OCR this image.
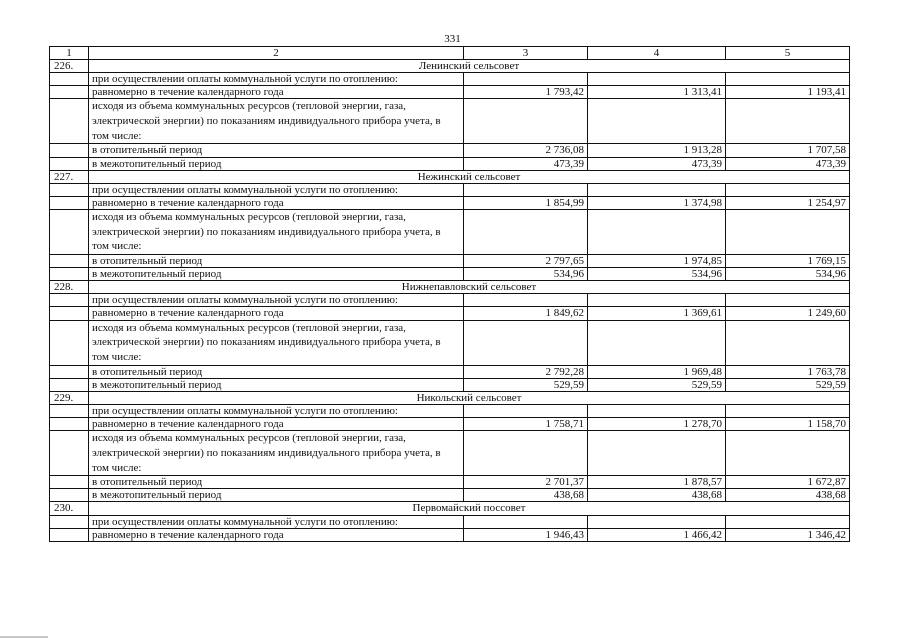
331
1	2	3	4	5
226.	Ленинский сельсовет			
	при осуществлении оплаты коммунальной услуги по отоплению:			
	равномерно в течение календарного года	1 793,42	1 313,41	1 193,41
	исходя из объема коммунальных ресурсов (тепловой энергии, газа, электрической энергии) по показаниям индивидуального прибора учета, в том числе:			
	в отопительный период	2 736,08	1 913,28	1 707,58
	в межотопительный период	473,39	473,39	473,39
227.	Нежинский сельсовет			
	при осуществлении оплаты коммунальной услуги по отоплению:			
	равномерно в течение календарного года	1 854,99	1 374,98	1 254,97
	исходя из объема коммунальных ресурсов (тепловой энергии, газа, электрической энергии) по показаниям индивидуального прибора учета, в том числе:			
	в отопительный период	2 797,65	1 974,85	1 769,15
	в межотопительный период	534,96	534,96	534,96
228.	Нижнепавловский сельсовет			
	при осуществлении оплаты коммунальной услуги по отоплению:			
	равномерно в течение календарного года	1 849,62	1 369,61	1 249,60
	исходя из объема коммунальных ресурсов (тепловой энергии, газа, электрической энергии) по показаниям индивидуального прибора учета, в том числе:			
	в отопительный период	2 792,28	1 969,48	1 763,78
	в межотопительный период	529,59	529,59	529,59
229.	Никольский сельсовет			
	при осуществлении оплаты коммунальной услуги по отоплению:			
	равномерно в течение календарного года	1 758,71	1 278,70	1 158,70
	исходя из объема коммунальных ресурсов (тепловой энергии, газа, электрической энергии) по показаниям индивидуального прибора учета, в том числе:			
	в отопительный период	2 701,37	1 878,57	1 672,87
	в межотопительный период	438,68	438,68	438,68
230.	Первомайский поссовет			
	при осуществлении оплаты коммунальной услуги по отоплению:			
	равномерно в течение календарного года	1 946,43	1 466,42	1 346,42
